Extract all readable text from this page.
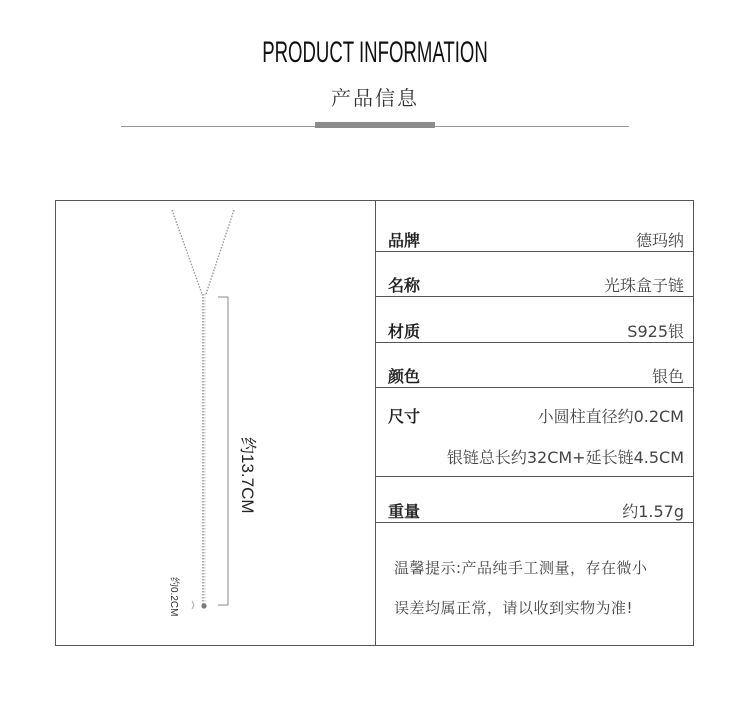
PRODUCT INFORMATION
产品信息
约13.7CM
约0.2CM
品牌	德玛纳
名称	光珠盒子链
材质	S925银
颜色	银色
尺寸	小圆柱直径约0.2CM
银链总长约32CM+延长链4.5CM
重量	约1.57g
温馨提示:产品纯手工测量，存在微小
误差均属正常，请以收到实物为准!
